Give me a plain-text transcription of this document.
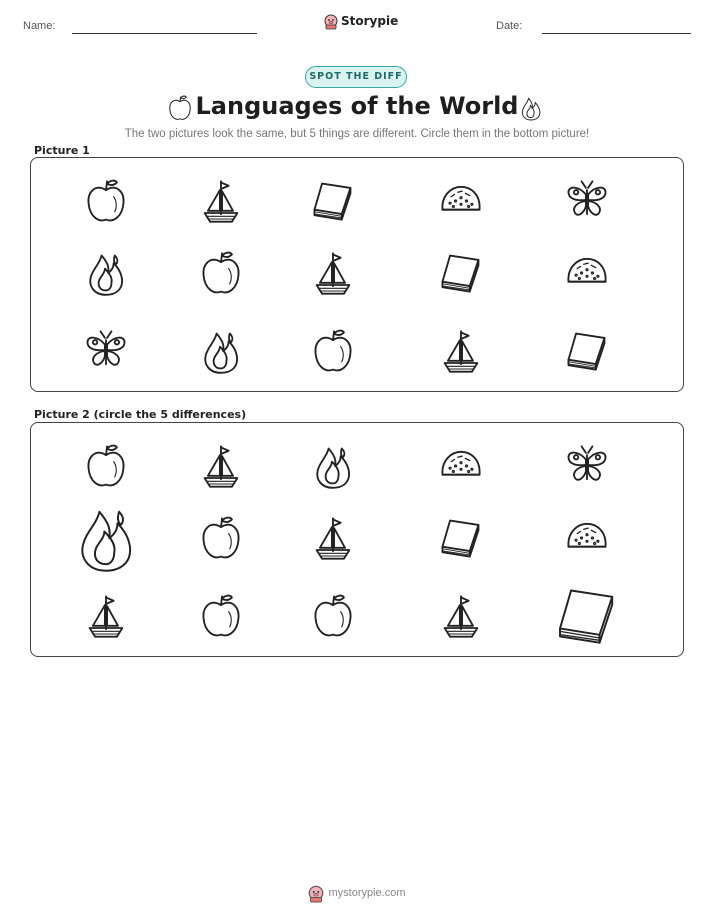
Name:	Storypie	Date:
SPOT THE DIFF
Languages of the World
The two pictures look the same, but 5 things are different. Circle them in the bottom picture!
Picture 1
Picture 2 (circle the 5 differences)
mystorypie.com
